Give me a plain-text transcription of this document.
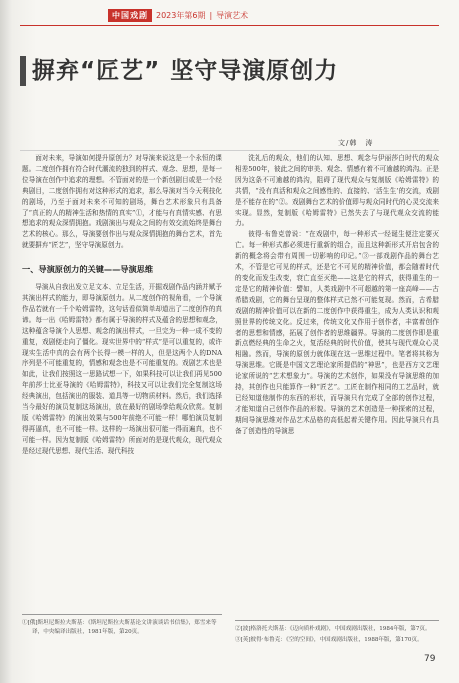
中国戏剧	2023年第6期 | 导演艺术
摒弃“匠艺” 坚守导演原创力
文/韩　涛

面对未来，导演如何提升原创力？对导演来说这是一个永恒的课题。二度创作拥有符合时代潮流的独到的样式、观念、思想，是每一位导演在创作中追求的理想。不管面对的是一个新创剧目或是一个经典剧目，二度创作拥有对这种形式的追求，那么导演对当今天利技化的剧场，乃至于面对未来不可知的剧场，舞台艺术形象只有具备了“真正的人的精神生活和热情的真实”①，才能与有真情实感、有思想追求的观众深情拥抱。戏剧演出与观众之间的有效交流始终是舞台艺术的核心。那么，导演要创作出与观众深情拥抱的舞台艺术，首先就要摒弃“匠艺”，坚守导演原创力。

一、导演原创力的关键——导演思维

导演从自我出发立足文本、立足生活，开掘戏剧作品内涵并赋予其演出样式的能力，即导演原创力。从二度创作的视角看，一个导演作品若就有一千个哈姆雷特，这句话看似简单却道出了二度创作的真谛。每一出《哈姆雷特》都有属于导演的样式及蕴含的思想和观念，这种蕴含导演个人思想、观念的演出样式，一旦完为一种一成不变的重复，戏剧便走向了僵化。现实世界中的“样式”是可以重复的，或许现实生活中真的会有两个长得一模一样的人，但是这两个人的DNA序列是不可能重复的，情感和观念也是不可能重复的。戏剧艺术也是如此，让我们按照这一思路试想一下，如果科技可以让我们再见500年前莎士比亚导演的《哈姆雷特》，科技又可以让我们完全复制这场经典演出，包括演出的服装、道具等一切物质材料。然后，我们选择当今最好的演员复制这场演出，放在最好的剧场拳给观众欣赏。复制版《哈姆雷特》的演出效果与500年前绝不可能一样！哪怕演员复制得再逼真，也不可能一样。这样的一场演出很可能一得而遍真，也不可能一样。因为复制版《哈姆雷特》所面对的是现代观众，现代观众是经过现代思想、现代生活、现代科技

洗礼后的观众，他们的认知、思想、观念与伊丽莎白时代的观众相差500年，彼此之间的审美、观念、情感有着不可逾越的鸿沟。正是因为这条不可逾越的鸿沟，阻碍了现代观众与复制版《哈姆雷特》的共情，“没有真活和观众之间感性的、直接的、‘活生生’的交流，戏剧是不能存在的”②。戏剧舞台艺术的价值即与观众同时代的心灵交流来实现。显然，复制版《哈姆雷特》已然失去了与现代观众交流的能力。

彼得·布鲁克曾说：“在戏剧中，每一种形式一经诞生便注定要灭亡。每一种形式都必须进行重新的组合，而且这种新形式开启包含的新的概念将会带有周围一切影响的印记。”③一部戏剧作品的舞台艺术，不管是它可见的样式，还是它不可见的精神价值，都会随着时代的变化而发生改变，衰亡直至灭绝——这是它的样式，获得重生的一定是它的精神价值：譬如，人类戏剧中不可超越的第一座高峰——古希腊戏剧，它的舞台呈现的整体样式已然不可能复现。然而，古希腊戏剧的精神价值可以在新的二度创作中获得重生，成为人类认识和观照世界的传统文化。反过来，传统文化又作用于创作者，丰富着创作者的思想和情感，拓展了创作者的思维疆界。导演的二度创作即是重新点燃经典的生命之火，复活经典的时代价值，使其与现代观众心灵相融。然而，导演的原创力就体现在这一思维过程中。笔者将其称为导演思维。它既是中国文艺理论家所提倡的“神思”，也是西方文艺理论家所说的“艺术想象力”。导演的艺术创作，如果没有导演思维的加持，其创作也只能算作一种“匠艺”。工匠在制作相同的工艺品时，就已经知道他制作的东西的形状，而导演只有完成了全部的创作过程，才能知道自己创作作品的形貌。导演的艺术创造是一种探索的过程，期间导演思维对作品艺术品格的高低起着关键作用。因此导演只有具备了创造性的导演思

①[俄]斯坦尼斯拉夫斯基：《斯坦尼斯拉夫斯基论文讲演谈话书信集》，郑雪来等译，中央编译出版社，1981年版，第20页。	②[波]格洛托夫斯基：《迈向质朴戏剧》，中国戏剧出版社，1984年版，第7页。

③[英]彼得·布鲁克：《空的空间》，中国戏剧出版社，1988年版，第170页。

79
